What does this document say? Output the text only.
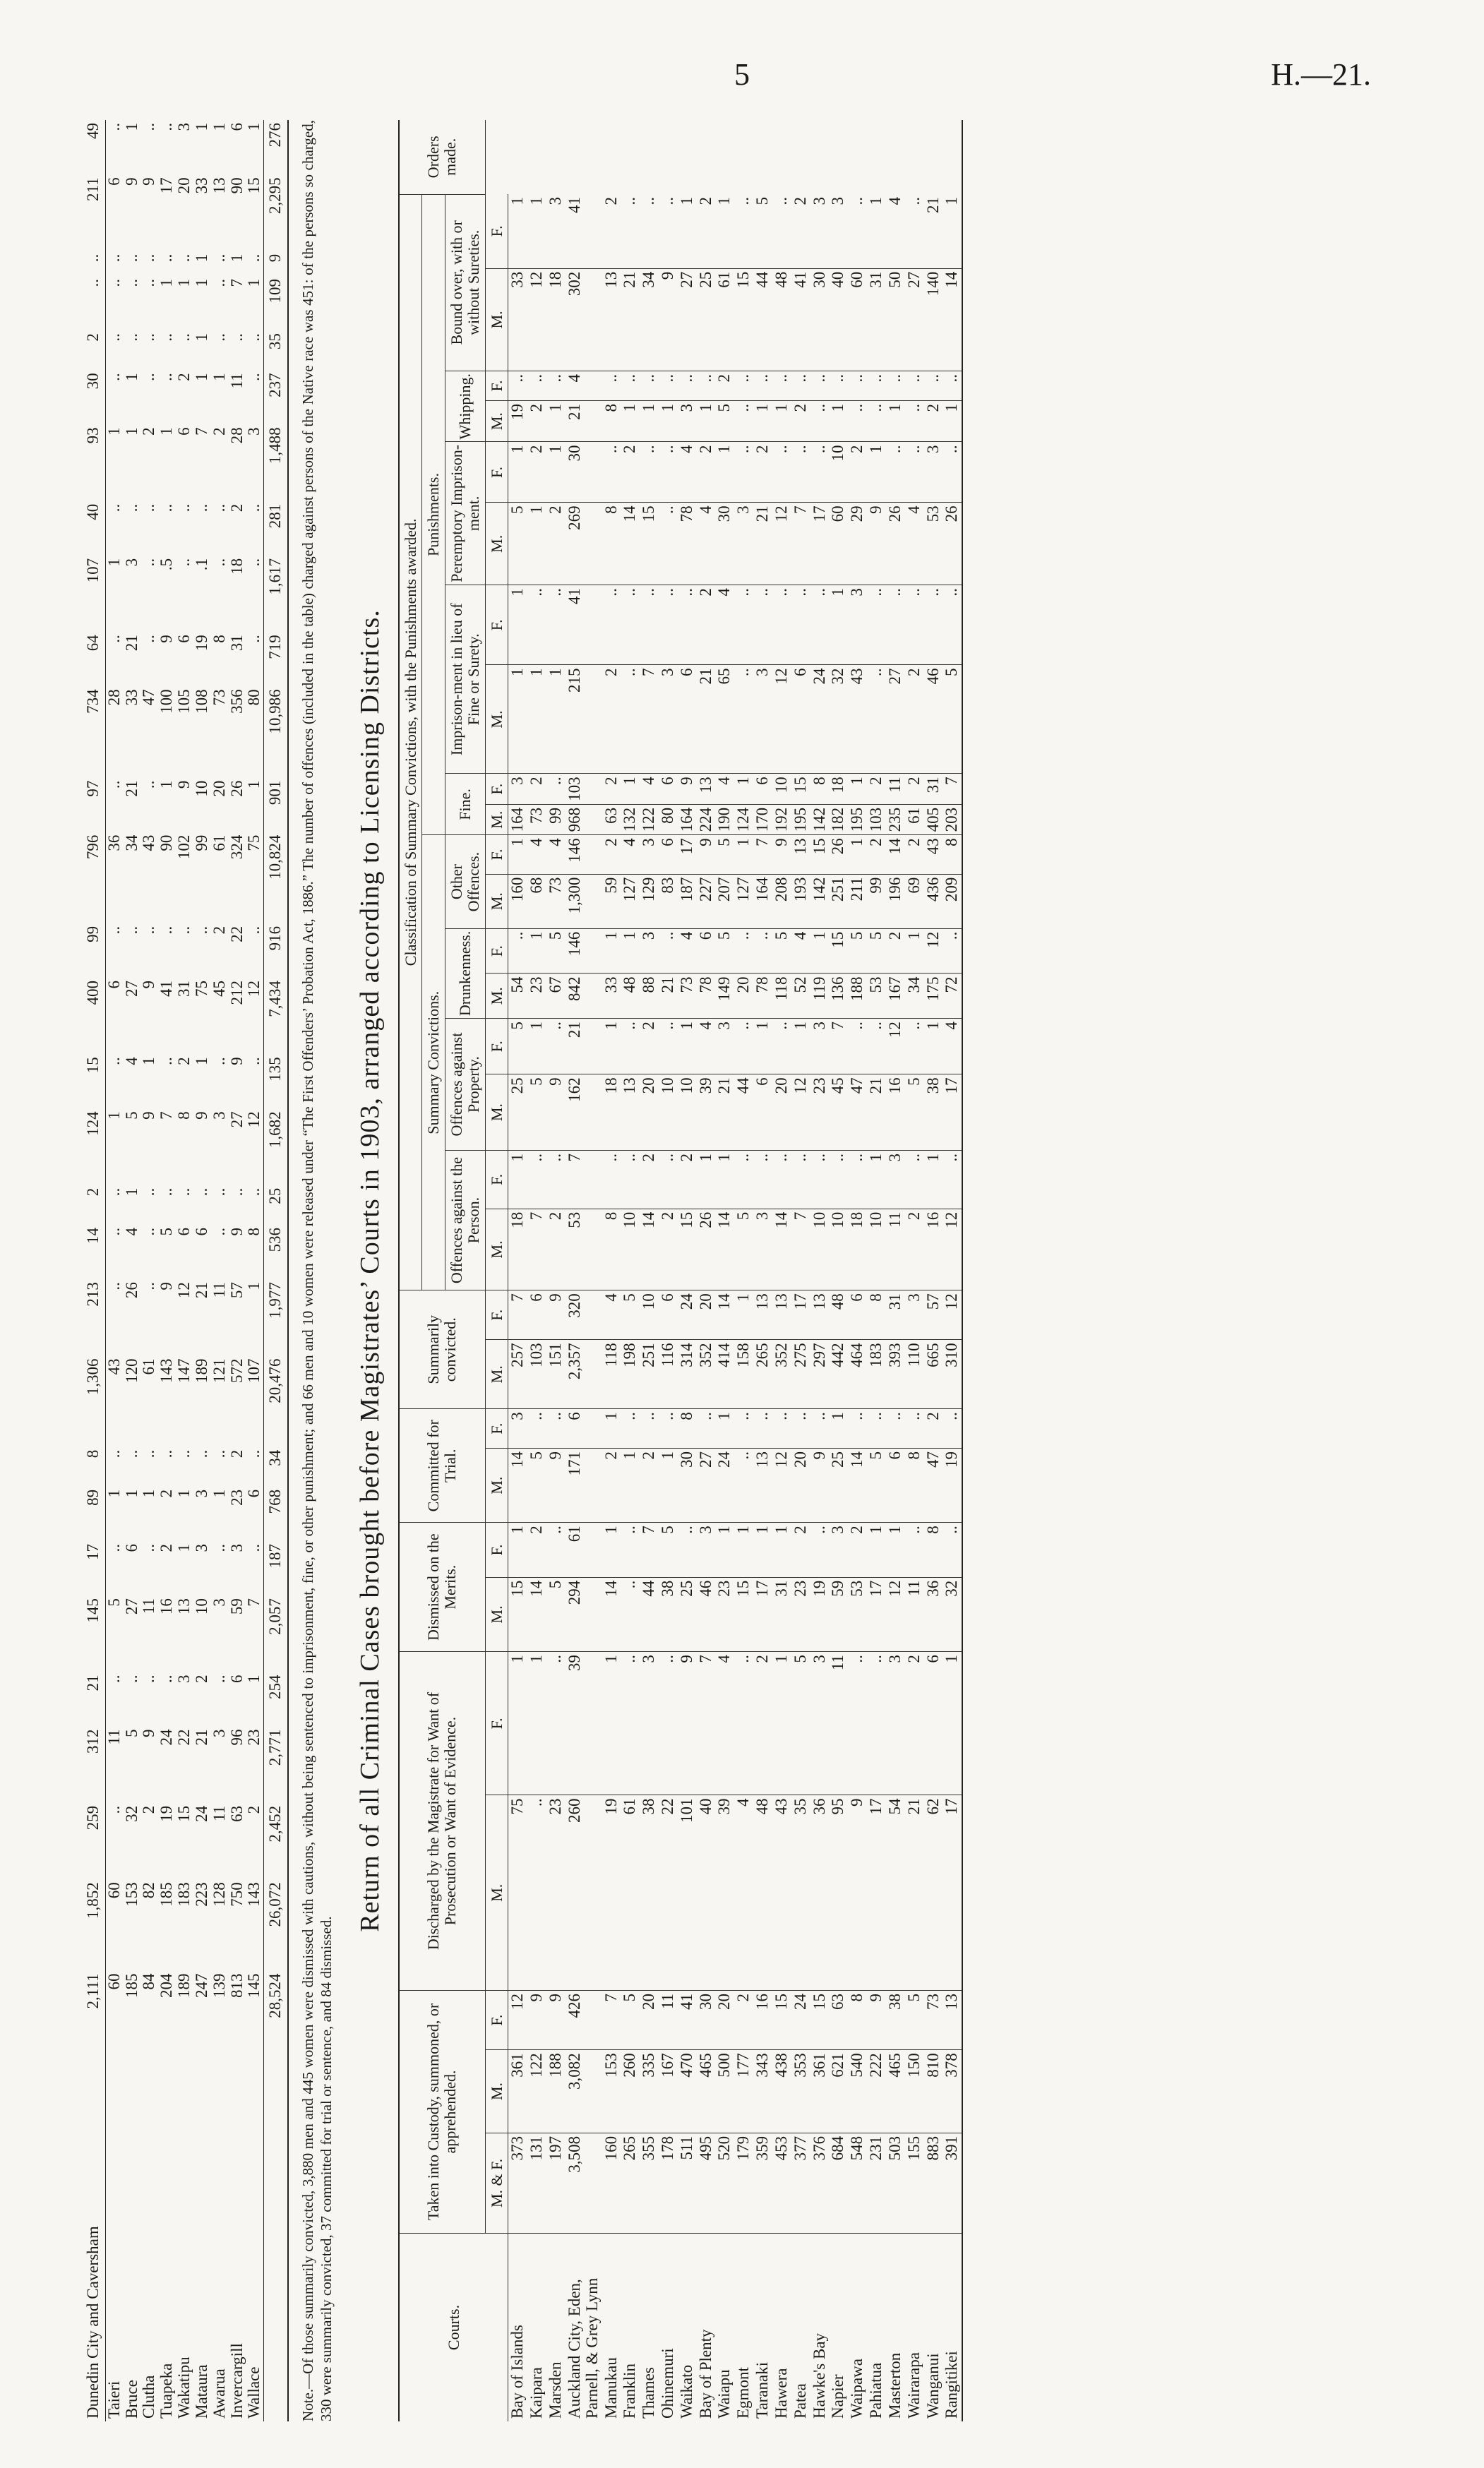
5	H.—21.
Dunedin City and Caversham	2,111	1,852	259	312	21	145	17	89	8	1,306	213	14	2	124	15	400	99	796	97	734	64	107	40	93	30	2	..	..	211	49
Taieri	60	60	..	11	..	5	..	1	..	43	..	..	..	1	..	6	..	36	..	28	..	1	..	1	..	..	..	..	6	..
Bruce	185	153	32	5	..	27	6	1	..	120	26	4	1	5	4	27	..	34	21	33	21	3	..	1	1	..	..	..	9	1
Clutha	84	82	2	9	..	11	..	1	..	61	..	..	..	9	1	9	..	43	..	47	..	..	..	2	..	..	..	..	9	..
Tuapeka	204	185	19	24	..	16	2	2	..	143	9	5	..	7	..	41	..	90	1	100	9	.5	..	1	..	..	1	..	17	..
Wakatipu	189	183	15	22	3	13	1	1	..	147	12	6	..	8	2	31	..	102	9	105	6	..	..	6	2	..	1	..	20	3
Mataura	247	223	24	21	2	10	3	3	..	189	21	6	..	9	1	75	..	99	10	108	19	.1	..	7	1	1	1	1	33	1
Awarua	139	128	11	3	..	3	..	1	..	121	11	..	..	3	..	45	2	61	20	73	8	..	..	2	1	..	..	..	13	1
Invercargill	813	750	63	96	6	59	3	23	2	572	57	9	..	27	9	212	22	324	26	356	31	18	2	28	11	..	7	1	90	6
Wallace	145	143	2	23	1	7	..	6	..	107	1	8	..	12	..	12	..	75	1	80	..	..	..	3	..	..	1	..	15	1
	28,524	26,072	2,452	2,771	254	2,057	187	768	34	20,476	1,977	536	25	1,682	135	7,434	916	10,824	901	10,986	719	1,617	281	1,488	237	35	109	9	2,295	276 Note.—Of those summarily convicted, 3,880 men and 445 women were dismissed with cautions, without being sentenced to imprisonment, fine, or other punishment; and 66 men and 10 women were released under “The First Offenders’ Probation Act, 1886.” The number of offences (included in the table) charged against persons of the Native race was 451: of the persons so charged, 330 were summarily convicted, 37 committed for trial or sentence, and 84 dismissed.
Return of all Criminal Cases brought before Magistrates’ Courts in 1903, arranged according to Licensing Districts.
Courts.	Taken into Custody, summoned, or apprehended.			Discharged by the Magistrate for Want of Prosecution or Want of Evidence.		Dismissed on the Merits.		Committed for Trial.		Summarily convicted.		Classification of Summary Convictions, with the Punishments awarded.																		Orders made.
												Summary Convictions.								Punishments.										
												Offences against the Person.		Offences against Property.		Drunkenness.		Other Offences.		Fine.		Imprison-ment in lieu of Fine or Surety.		Peremptory Imprison-ment.		Whipping.		Bound over, with or without Sureties.		
	M. & F.	M.	F.	M.	F.	M.	F.	M.	F.	M.	F.	M.	F.	M.	F.	M.	F.	M.	F.	M.	F.	M.	F.	M.	F.	M.	F.	M.	F.	
Bay of Islands	373	361	12	75	1	15	1	14	3	257	7	18	1	25	5	54	..	160	1	164	3	1	1	5	1	19	..	33	1	
Kaipara	131	122	9	..	1	14	2	5	..	103	6	7	..	5	1	23	1	68	4	73	2	1	..	1	2	2	..	12	1	
Marsden	197	188	9	23	..	5	..	9	..	151	9	2	..	9	..	67	5	73	4	99	..	1	..	2	1	1	..	18	3	
Auckland City, Eden, Parnell, & Grey Lynn	3,508	3,082	426	260	39	294	61	171	6	2,357	320	53	7	162	21	842	146	1,300	146	968	103	215	41	269	30	21	4	302	41	
Manukau	160	153	7	19	1	14	1	2	1	118	4	8	..	18	1	33	1	59	2	63	2	2	..	8	..	8	..	13	2	
Franklin	265	260	5	61	..	..	..	1	..	198	5	10	..	13	..	48	1	127	4	132	1	..	..	14	2	1	..	21	..	
Thames	355	335	20	38	3	44	7	2	..	251	10	14	2	20	2	88	3	129	3	122	4	7	..	15	..	1	..	34	..	
Ohinemuri	178	167	11	22	..	38	5	1	..	116	6	2	..	10	..	21	..	83	6	80	6	3	..	..	..	1	..	9	..	
Waikato	511	470	41	101	9	25	..	30	8	314	24	15	2	10	1	73	4	187	17	164	9	6	..	78	4	3	..	27	1	
Bay of Plenty	495	465	30	40	7	46	3	27	..	352	20	26	1	39	4	78	6	227	9	224	13	21	2	4	2	1	..	25	2	
Waiapu	520	500	20	39	4	23	1	24	1	414	14	14	1	21	3	149	5	207	5	190	4	65	4	30	1	5	2	61	1	
Egmont	179	177	2	4	..	15	1	..	..	158	1	5	..	44	..	20	..	127	1	124	1	..	..	3	..	..	..	15	..	
Taranaki	359	343	16	48	2	17	1	13	..	265	13	3	..	6	1	78	..	164	7	170	6	3	..	21	2	1	..	44	5	
Hawera	453	438	15	43	1	31	1	12	..	352	13	14	..	20	..	118	5	208	9	192	10	12	..	12	..	1	..	48	..	
Patea	377	353	24	35	5	23	2	20	..	275	17	7	..	12	1	52	4	193	13	195	15	6	..	7	..	2	..	41	2	
Hawke's Bay	376	361	15	36	3	19	..	9	..	297	13	10	..	23	3	119	1	142	15	142	8	24	..	17	..	..	..	30	3	
Napier	684	621	63	95	11	59	3	25	1	442	48	10	..	45	7	136	15	251	26	182	18	32	1	60	10	1	..	40	3	
Waipawa	548	540	8	9	..	53	2	14	..	464	6	18	..	47	..	188	5	211	1	195	1	43	3	29	2	..	..	60	..	
Pahiatua	231	222	9	17	..	17	1	5	..	183	8	10	1	21	..	53	5	99	2	103	2	..	..	9	1	..	..	31	1	
Masterton	503	465	38	54	3	12	1	6	..	393	31	11	3	16	12	167	2	196	14	235	11	27	..	26	..	1	..	50	4	
Wairarapa	155	150	5	21	2	11	..	8	..	110	3	2	..	5	..	34	1	69	2	61	2	2	..	4	..	..	..	27	..	
Wanganui	883	810	73	62	6	36	8	47	2	665	57	16	1	38	1	175	12	436	43	405	31	46	..	53	3	2	..	140	21	
Rangitikei	391	378	13	17	1	32	..	19	..	310	12	12	..	17	4	72	..	209	8	203	7	5	..	26	..	1	..	14	1	
